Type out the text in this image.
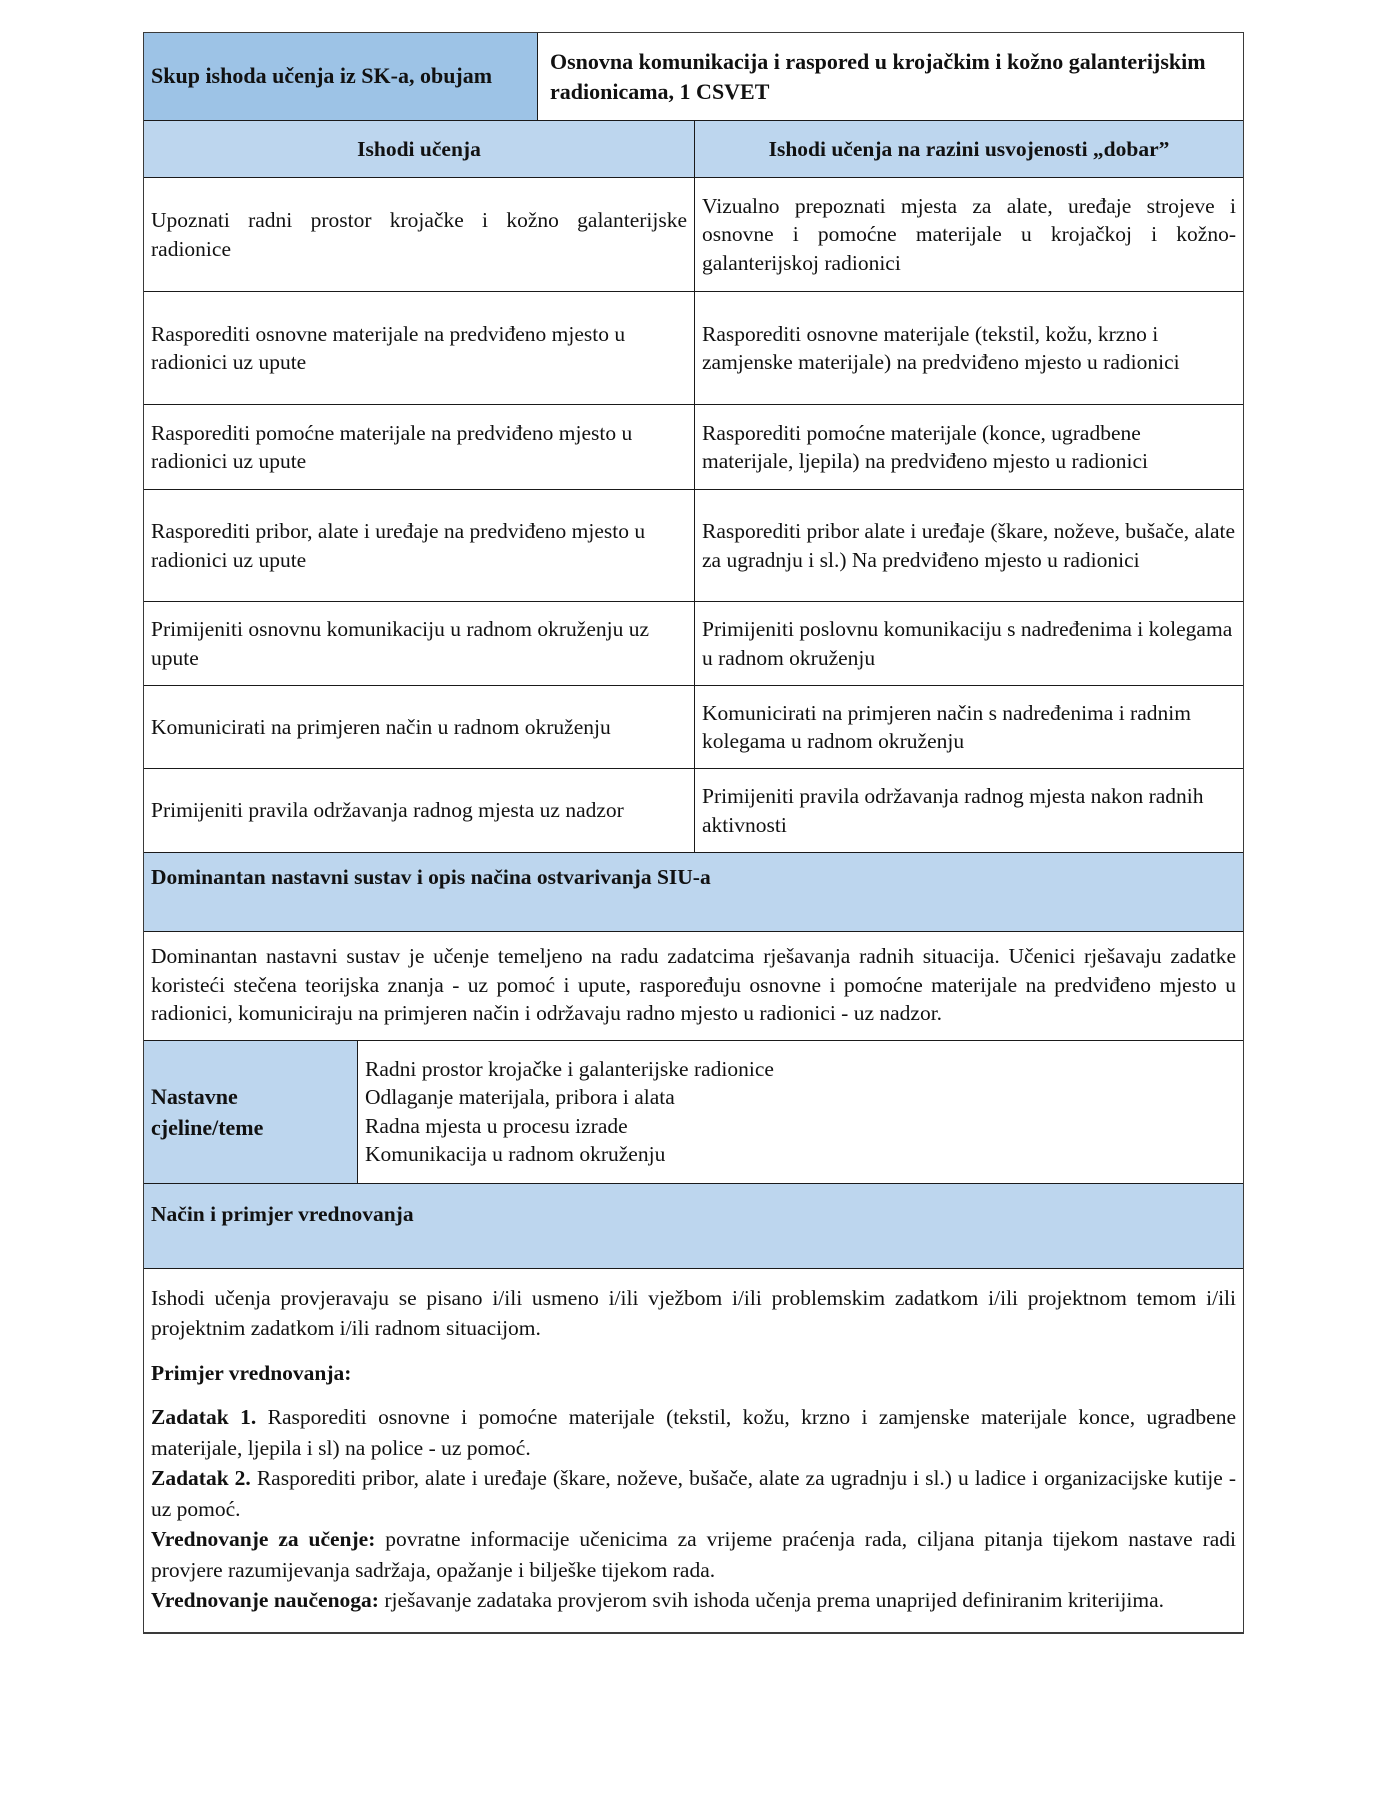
Skup ishoda učenja iz SK-a, obujam
Osnovna komunikacija i raspored u krojačkim i kožno galanterijskim radionicama, 1 CSVET
Ishodi učenja	Ishodi učenja na razini usvojenosti „dobar”
Upoznati radni prostor krojačke i kožno galanterijske radionice
Vizualno prepoznati mjesta za alate, uređaje strojeve i osnovne i pomoćne materijale u krojačkoj i kožno-galanterijskoj radionici
Rasporediti osnovne materijale na predviđeno mjesto u radionici uz upute
Rasporediti osnovne materijale (tekstil, kožu, krzno i zamjenske materijale) na predviđeno mjesto u radionici
Rasporediti pomoćne materijale na predviđeno mjesto u radionici uz upute
Rasporediti pomoćne materijale (konce, ugradbene materijale, ljepila) na predviđeno mjesto u radionici
Rasporediti pribor, alate i uređaje na predviđeno mjesto u radionici uz upute
Rasporediti pribor alate i uređaje (škare, noževe, bušače, alate za ugradnju i sl.) Na predviđeno mjesto u radionici
Primijeniti osnovnu komunikaciju u radnom okruženju uz upute
Primijeniti poslovnu komunikaciju s nadređenima i kolegama u radnom okruženju
Komunicirati na primjeren način u radnom okruženju
Komunicirati na primjeren način s nadređenima i radnim kolegama u radnom okruženju
Primijeniti pravila održavanja radnog mjesta uz nadzor
Primijeniti pravila održavanja radnog mjesta nakon radnih aktivnosti
Dominantan nastavni sustav i opis načina ostvarivanja SIU-a
Dominantan nastavni sustav je učenje temeljeno na radu zadatcima rješavanja radnih situacija. Učenici rješavaju zadatke koristeći stečena teorijska znanja - uz pomoć i upute, raspoređuju osnovne i pomoćne materijale na predviđeno mjesto u radionici, komuniciraju na primjeren način i održavaju radno mjesto u radionici - uz nadzor.
Nastavne cjeline/teme
Radni prostor krojačke i galanterijske radionice
Odlaganje materijala, pribora i alata
Radna mjesta u procesu izrade
Komunikacija u radnom okruženju
Način i primjer vrednovanja

Ishodi učenja provjeravaju se pisano i/ili usmeno i/ili vježbom i/ili problemskim zadatkom i/ili projektnom temom i/ili projektnim zadatkom i/ili radnom situacijom.

Primjer vrednovanja:

Zadatak 1. Rasporediti osnovne i pomoćne materijale (tekstil, kožu, krzno i zamjenske materijale konce, ugradbene materijale, ljepila i sl) na police - uz pomoć.

Zadatak 2. Rasporediti pribor, alate i uređaje (škare, noževe, bušače, alate za ugradnju i sl.) u ladice i organizacijske kutije - uz pomoć.

Vrednovanje za učenje: povratne informacije učenicima za vrijeme praćenja rada, ciljana pitanja tijekom nastave radi provjere razumijevanja sadržaja, opažanje i bilješke tijekom rada.

Vrednovanje naučenoga: rješavanje zadataka provjerom svih ishoda učenja prema unaprijed definiranim kriterijima.
